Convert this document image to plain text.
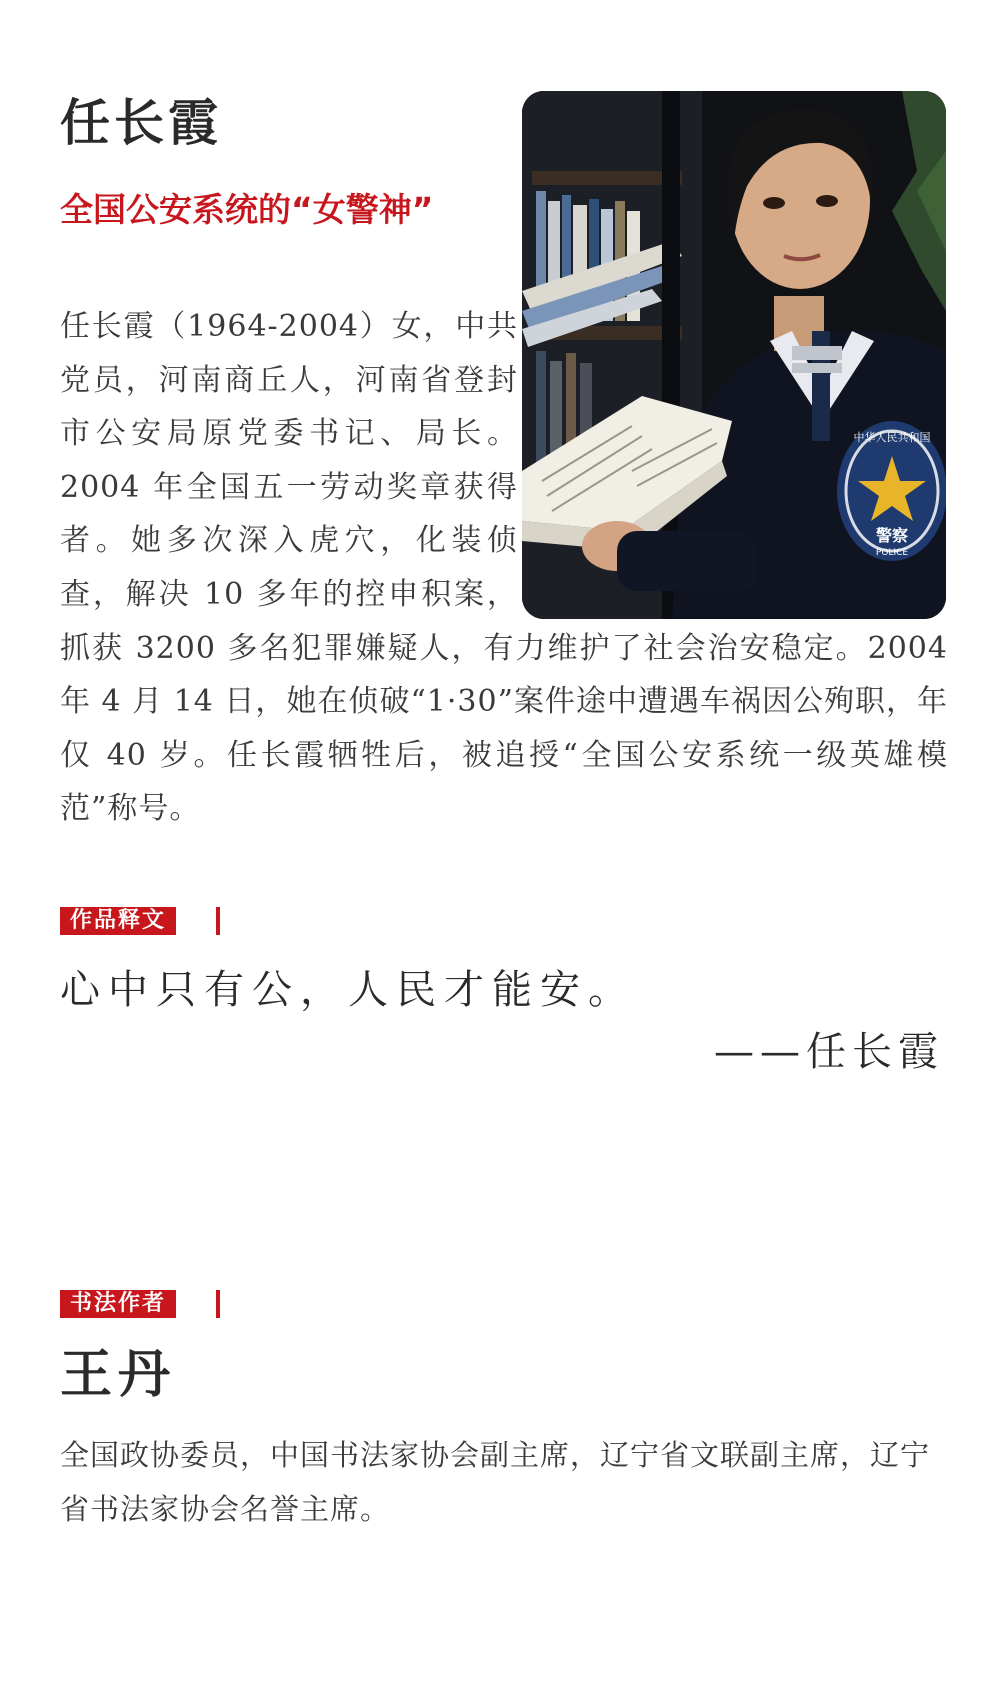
任长霞
全国公安系统的“女警神”
中华人民共和国
警察
POLICE

任长霞（1964-2004）女，中共党员，河南商丘人，河南省登封市公安局原党委书记、局长。2004 年全国五一劳动奖章获得者。她多次深入虎穴，化装侦查，解决 10 多年的控申积案，抓获 3200 多名犯罪嫌疑人，有力维护了社会治安稳定。2004 年 4 月 14 日，她在侦破“1·30”案件途中遭遇车祸因公殉职，年仅 40 岁。任长霞牺牲后，被追授“全国公安系统一级英雄模范”称号。

作品释文

心中只有公，人民才能安。

——任长霞

书法作者
王丹

全国政协委员，中国书法家协会副主席，辽宁省文联副主席，辽宁省书法家协会名誉主席。
